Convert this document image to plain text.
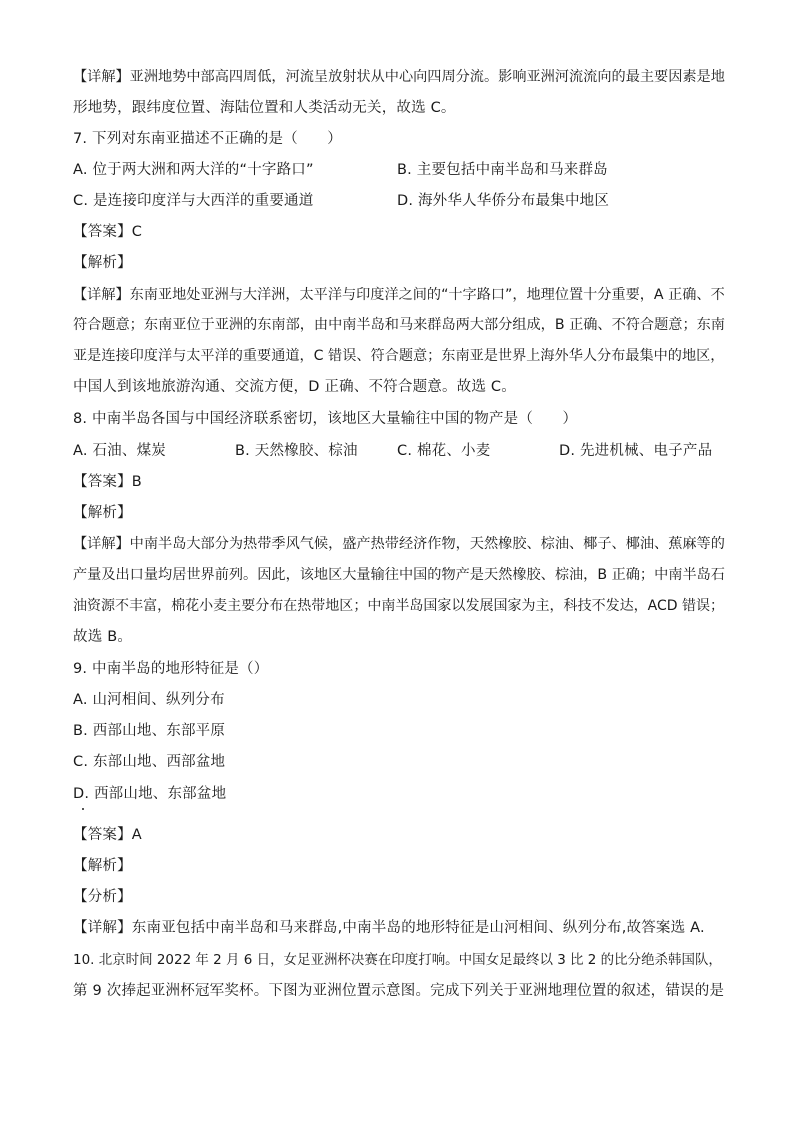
【详解】亚洲地势中部高四周低，河流呈放射状从中心向四周分流。影响亚洲河流流向的最主要因素是地
形地势，跟纬度位置、海陆位置和人类活动无关，故选 C。
7. 下列对东南亚描述不正确的是（　　）
A. 位于两大洲和两大洋的“十字路口”	B. 主要包括中南半岛和马来群岛
C. 是连接印度洋与大西洋的重要通道	D. 海外华人华侨分布最集中地区
【答案】C
【解析】
【详解】东南亚地处亚洲与大洋洲，太平洋与印度洋之间的“十字路口”，地理位置十分重要，A 正确、不
符合题意；东南亚位于亚洲的东南部，由中南半岛和马来群岛两大部分组成，B 正确、不符合题意；东南
亚是连接印度洋与太平洋的重要通道，C 错误、符合题意；东南亚是世界上海外华人分布最集中的地区，
中国人到该地旅游沟通、交流方便，D 正确、不符合题意。故选 C。
8. 中南半岛各国与中国经济联系密切，该地区大量输往中国的物产是（　　）
A. 石油、煤炭	B. 天然橡胶、棕油	C. 棉花、小麦	D. 先进机械、电子产品
【答案】B
【解析】
【详解】中南半岛大部分为热带季风气候，盛产热带经济作物，天然橡胶、棕油、椰子、椰油、蕉麻等的
产量及出口量均居世界前列。因此，该地区大量输往中国的物产是天然橡胶、棕油，B 正确；中南半岛石
油资源不丰富，棉花小麦主要分布在热带地区；中南半岛国家以发展国家为主，科技不发达，ACD 错误；
故选 B。
9. 中南半岛的地形特征是（）
A. 山河相间、纵列分布
B. 西部山地、东部平原
C. 东部山地、西部盆地
D. 西部山地、东部盆地
【答案】A
【解析】
【分析】
【详解】东南亚包括中南半岛和马来群岛,中南半岛的地形特征是山河相间、纵列分布,故答案选 A.
10. 北京时间 2022 年 2 月 6 日，女足亚洲杯决赛在印度打响。中国女足最终以 3 比 2 的比分绝杀韩国队，
第 9 次捧起亚洲杯冠军奖杯。下图为亚洲位置示意图。完成下列关于亚洲地理位置的叙述，错误的是
